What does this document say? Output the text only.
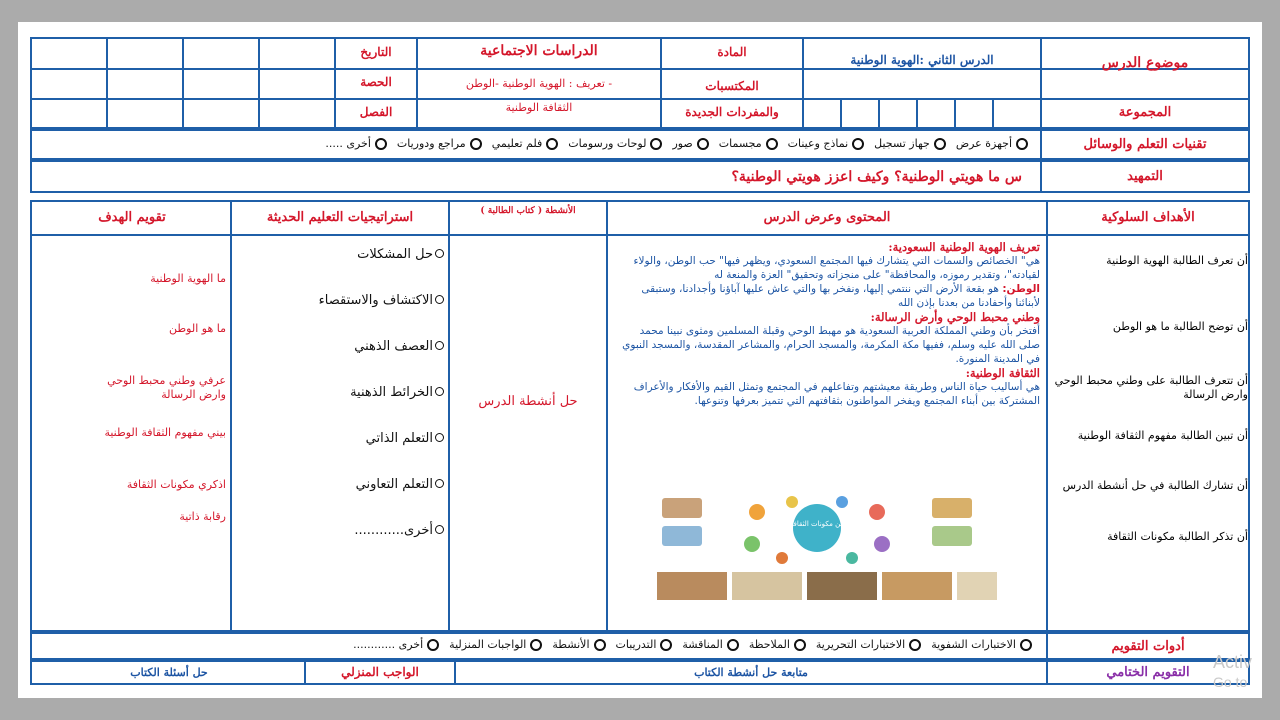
موضوع الدرس
الدرس الثاني :الهوية الوطنية
المجموعة
المادة
الدراسات الاجتماعية
التاريخ
الحصة
الفصل
المكتسبات
والمفردات الجديدة
تعريف : الهوية الوطنية -الوطن -
الثقافة الوطنية
تقنيات التعلم والوسائل
أجهزة عرض
جهاز تسجيل
نماذج وعينات
مجسمات
صور
لوحات ورسومات
فلم تعليمي
مراجع ودوريات
أخرى .....
التمهيد
س ما هويتي الوطنية؟ وكيف اعزز هويتي الوطنية؟
الأهداف السلوكية
المحتوى وعرض الدرس
الأنشطة ( كتاب الطالبة )
استراتيجيات التعليم الحديثة
تقويم الهدف
أن تعرف الطالبة الهوية الوطنية
أن توضح الطالبة ما هو الوطن
أن تتعرف الطالبة على وطني محبط الوحي وارض الرسالة
أن تبين الطالبة مفهوم الثقافة الوطنية
أن تشارك الطالبة في حل أنشطة الدرس
أن تذكر الطالبة مكونات الثقافة

تعريف الهوية الوطنية السعودية:

هي" الخصائص والسمات التي يتشارك فيها المجتمع السعودي، ويظهر فيها" حب الوطن، والولاء لقيادته"، وتقدير رموزه، والمحافظة" على منجزاته وتحقيق" العزة والمنعة له

الوطن: هو بقعة الأرض التي ننتمي إليها، ونفخر بها والتي عاش عليها آباؤنا وأجدادنا، وستبقى لأبنائنا وأحفادنا من بعدنا بإذن الله

وطني محبط الوحي وأرض الرسالة:

أفتخر بأن وطني المملكة العربية السعودية هو مهبط الوحي وقبلة المسلمين ومثوى نبينا محمد صلى الله عليه وسلم، ففيها مكة المكرمة، والمسجد الحرام، والمشاعر المقدسة، والمسجد النبوي في المدينة المنورة.

الثقافة الوطنية:

هي أساليب حياة الناس وطريقة معيشتهم وتفاعلهم في المجتمع وتمثل القيم والأفكار والأعراف المشتركة بين أبناء المجتمع ويفخر المواطنون بثقافتهم التي تتميز بعرفها وتنوعها.

من مكونات الثقافة
حل أنشطة الدرس
حل المشكلات
الاكتشاف والاستقصاء
العصف الذهني
الخرائط الذهنية
التعلم الذاتي
التعلم التعاوني
أخرى............
ما الهوية الوطنية
ما هو الوطن
عرفي وطني محبط الوحي وارض الرسالة
بيني مفهوم الثقافة الوطنية
اذكري مكونات الثقافة
رقابة ذاتية
أدوات التقويم
الاختبارات الشفوية
الاختبارات التحريرية
الملاحظة
المناقشة
التدريبات
الأنشطة
الواجبات المنزلية
أخرى ............
التقويم الختامي
متابعة حل أنشطة الكتاب
الواجب المنزلي
حل أسئلة الكتاب
Activ
Go to
